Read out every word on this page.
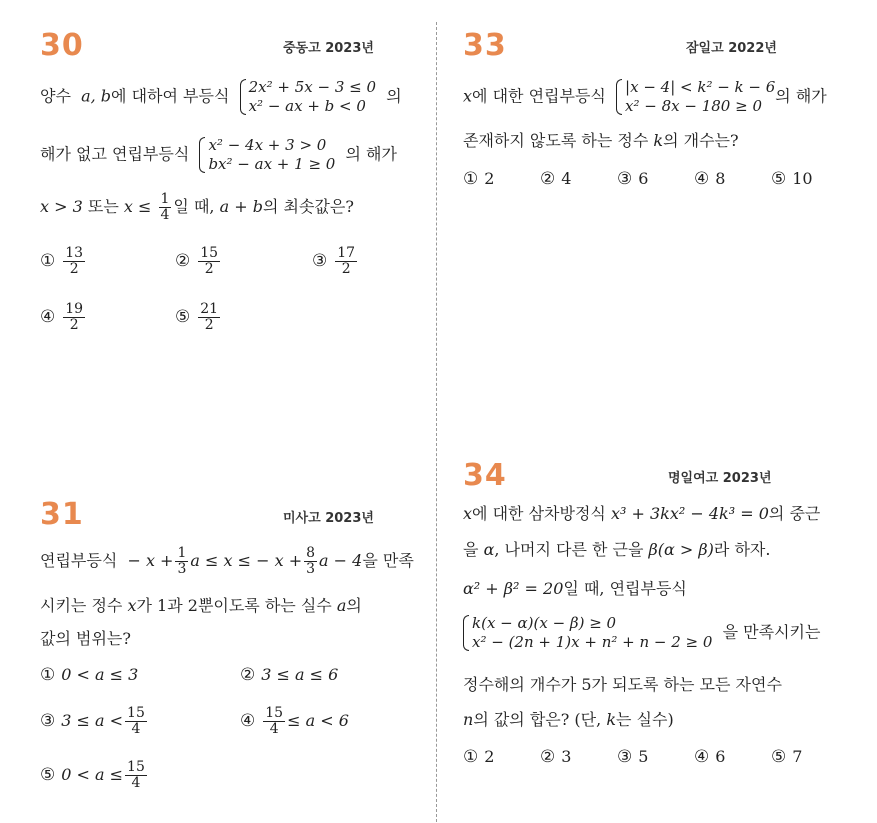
30	중동고 2023년
양수 a, b에 대하여 부등식 2x² + 5x − 3 ≤ 0
x² − ax + b < 0  의
해가 없고 연립부등식 x² − 4x + 3 > 0
bx² − ax + 1 ≥ 0  의 해가
x > 3 또는 $x \le \frac{1}{4}$ 일 때, a + b의 최솟값은?
① $\frac{13}{2}$	② $\frac{15}{2}$	③ $\frac{17}{2}$
④ $\frac{19}{2}$	⑤ $\frac{21}{2}$
31	미사고 2023년
연립부등식 − $x + \frac{1}{3}$ a ≤ x ≤ − $x + \frac{8}{3}$ a − 4을 만족
시키는 정수 x가 1과 2뿐이도록 하는 실수 a의
값의 범위는?
① 0 < a ≤ 3	② 3 ≤ a ≤ 6
③ $3 \le a < \frac{15}{4}$	④ $\frac{15}{4} \le a < 6$
⑤ $0 < a \le \frac{15}{4}$
33	잠일고 2022년
x에 대한 연립부등식 |x − 4| < k² − k − 6
x² − 8x − 180 ≥ 0의 해가
존재하지 않도록 하는 정수 k의 개수는?
① 2	② 4	③ 6	④ 8	⑤ 10
34	명일여고 2023년
x에 대한 삼차방정식 x³ + 3kx² − 4k³ = 0의 중근
을 α, 나머지 다른 한 근을 β(α > β)라 하자.
α² + β² = 20일 때, 연립부등식
k(x − α)(x − β) ≥ 0
x² − (2n + 1)x + n² + n − 2 ≥ 0  을 만족시키는
정수해의 개수가 5가 되도록 하는 모든 자연수
n의 값의 합은? (단, k는 실수)
① 2	② 3	③ 5	④ 6	⑤ 7
